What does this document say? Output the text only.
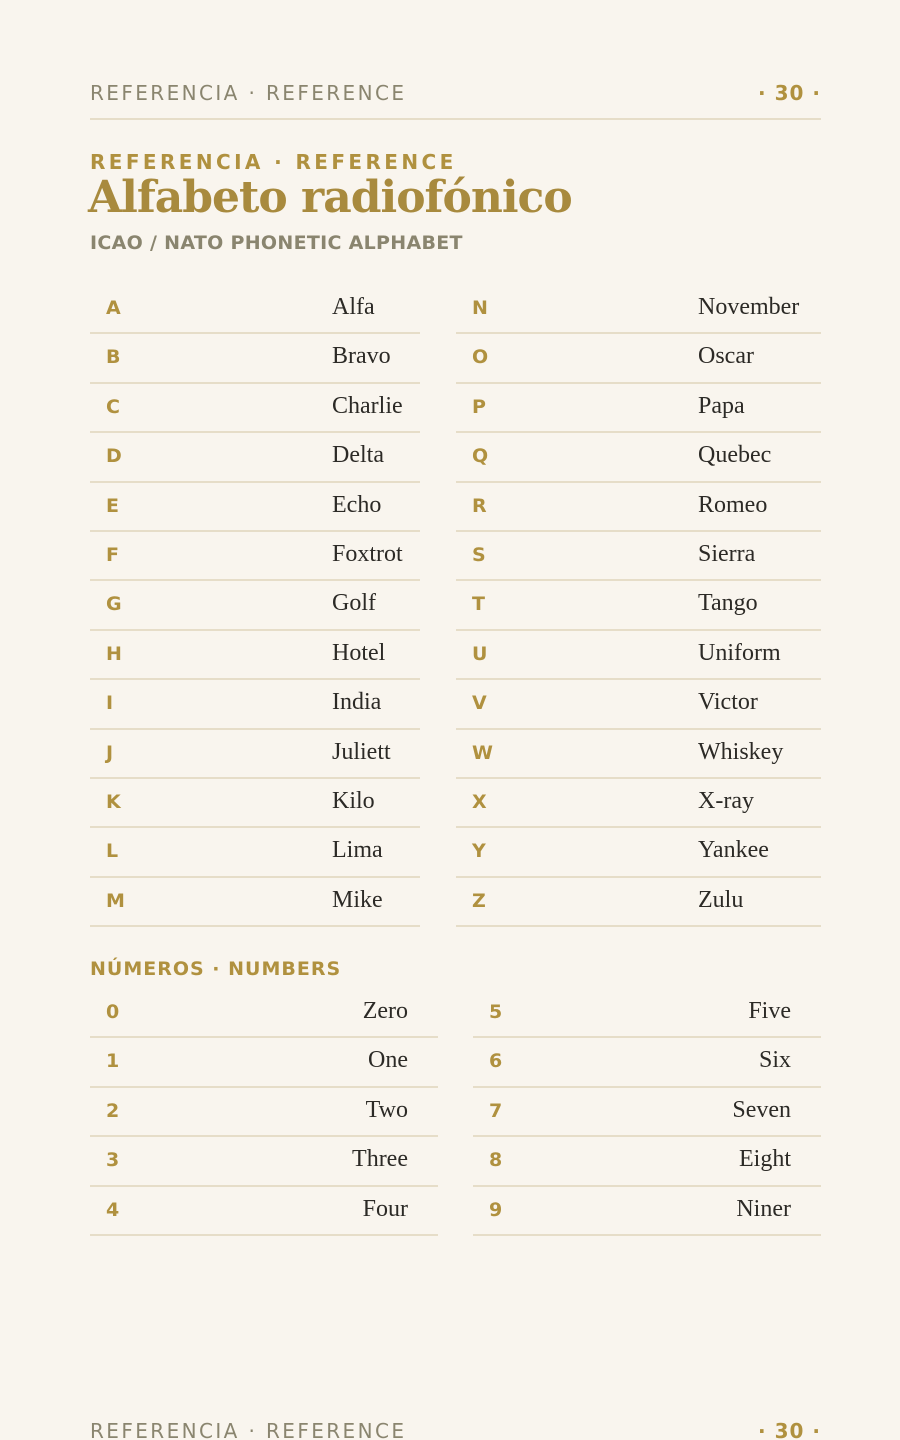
REFERENCIA · REFERENCE	· 30 ·
REFERENCIA · REFERENCE
Alfabeto radiofónico
ICAO / NATO PHONETIC ALPHABET
A	Alfa
B	Bravo
C	Charlie
D	Delta
E	Echo
F	Foxtrot
G	Golf
H	Hotel
I	India
J	Juliett
K	Kilo
L	Lima
M	Mike
N	November
O	Oscar
P	Papa
Q	Quebec
R	Romeo
S	Sierra
T	Tango
U	Uniform
V	Victor
W	Whiskey
X	X-ray
Y	Yankee
Z	Zulu
NÚMEROS · NUMBERS
0	Zero
1	One
2	Two
3	Three
4	Four
5	Five
6	Six
7	Seven
8	Eight
9	Niner
REFERENCIA · REFERENCE	· 30 ·
